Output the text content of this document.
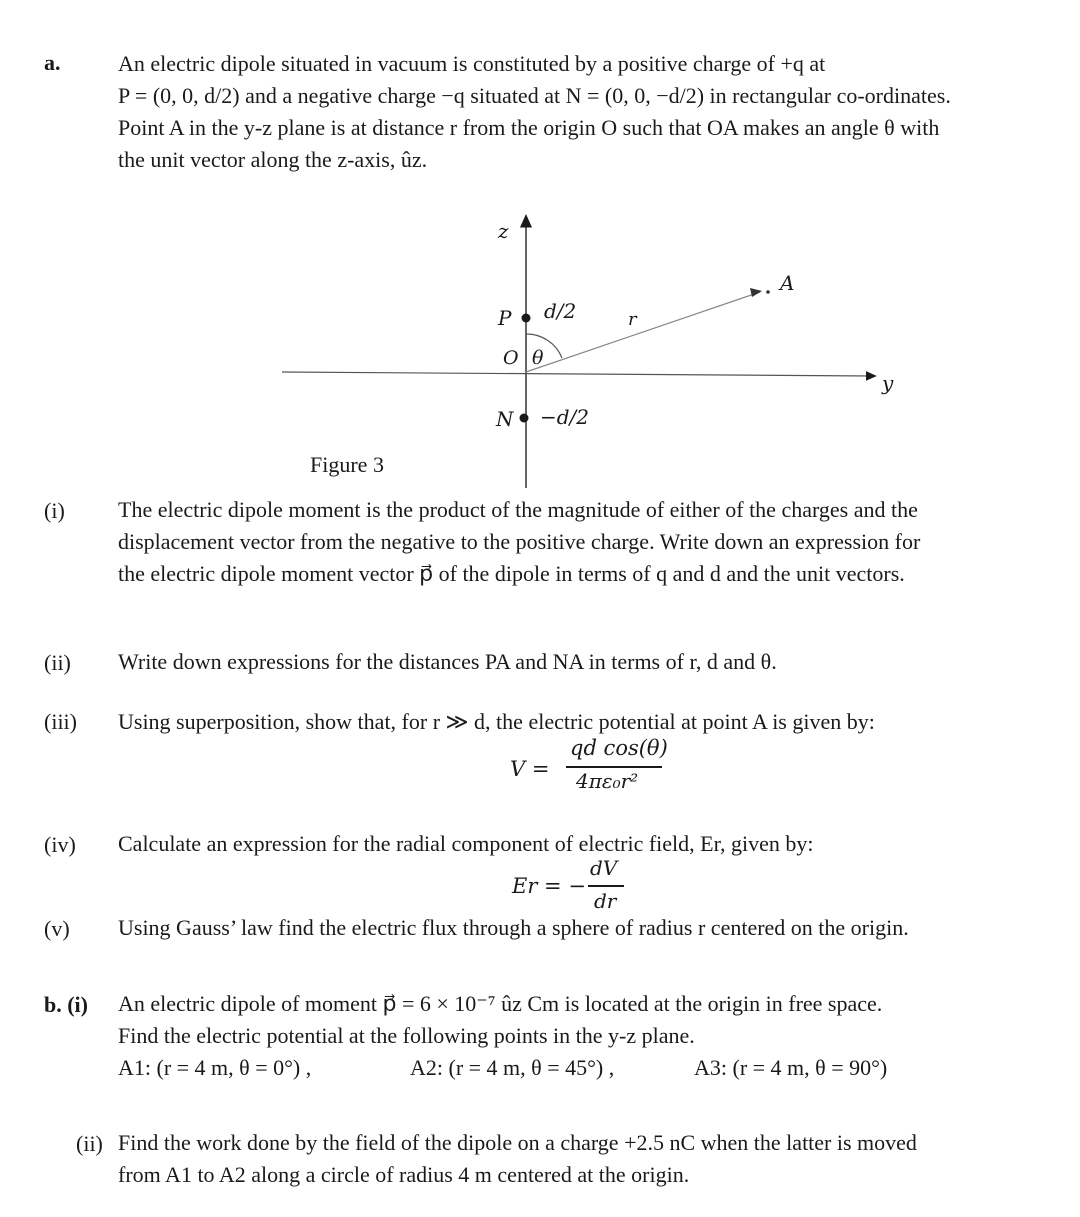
a.	An electric dipole situated in vacuum is constituted by a positive charge of +q at
P = (0, 0, d/2) and a negative charge −q situated at N = (0, 0, −d/2) in rectangular co-ordinates.
Point A in the y-z plane is at distance r from the origin O such that OA makes an angle θ with
the unit vector along the z-axis, ûz.
z
y
A
P d/2	r
O θ
N −d/2
Figure 3
(i) The electric dipole moment is the product of the magnitude of either of the charges and the
displacement vector from the negative to the positive charge. Write down an expression for
the electric dipole moment vector p⃗ of the dipole in terms of q and d and the unit vectors.
(ii) Write down expressions for the distances PA and NA in terms of r, d and θ.
(iii) Using superposition, show that, for r ≫ d, the electric potential at point A is given by:
V =
qd cos(θ)
4πε₀r²
(iv) Calculate an expression for the radial component of electric field, Er, given by:
Er = −
dV
dr
(v) Using Gauss’ law find the electric flux through a sphere of radius r centered on the origin.
b. (i) An electric dipole of moment p⃗ = 6 × 10⁻⁷ ûz Cm is located at the origin in free space.
Find the electric potential at the following points in the y-z plane.
A1: (r = 4 m, θ = 0°) ,	A2: (r = 4 m, θ = 45°) ,	A3: (r = 4 m, θ = 90°)
(ii) Find the work done by the field of the dipole on a charge +2.5 nC when the latter is moved
from A1 to A2 along a circle of radius 4 m centered at the origin.
